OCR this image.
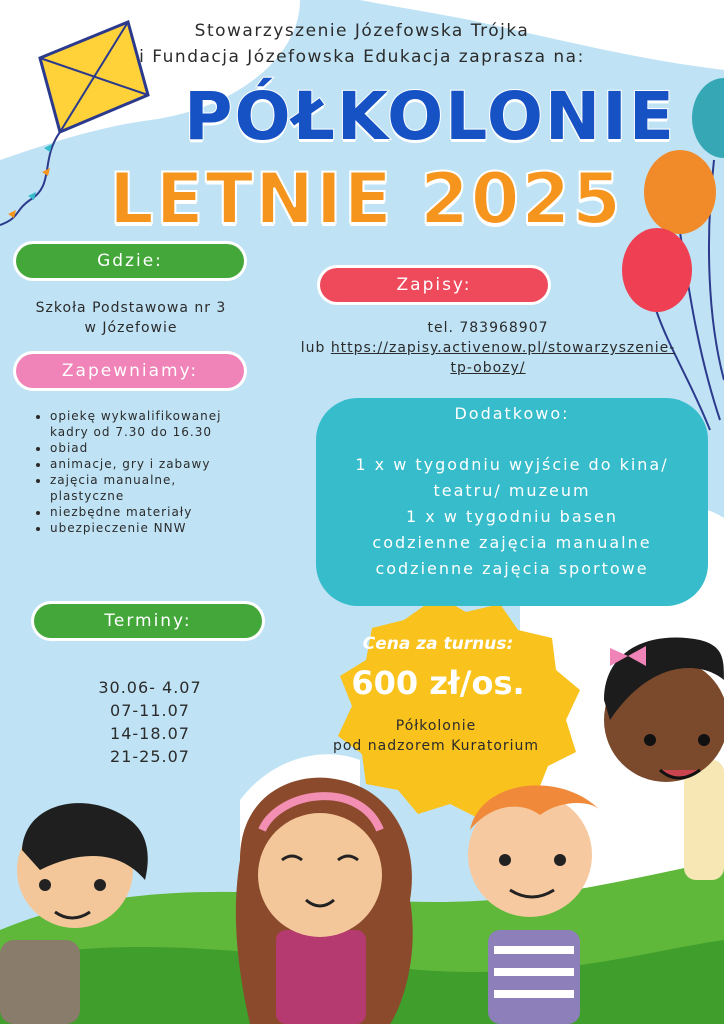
Stowarzyszenie Józefowska Trójka
i Fundacja Józefowska Edukacja zaprasza na:
PÓŁKOLONIE
LETNIE 2025
Gdzie:
Szkoła Podstawowa nr 3
w Józefowie
Zapisy:
tel. 783968907
lub https://zapisy.activenow.pl/stowarzyszenie-
tp-obozy/
Zapewniamy:
• opiekę wykwalifikowanej kadry od 7.30 do 16.30
• obiad
• animacje, gry i zabawy
• zajęcia manualne, plastyczne
• niezbędne materiały
• ubezpieczenie NNW
Dodatkowo:
1 x w tygodniu wyjście do kina/
teatru/ muzeum
1 x w tygodniu basen
codzienne zajęcia manualne
codzienne zajęcia sportowe
Terminy:
30.06- 4.07
07-11.07
14-18.07
21-25.07
Cena za turnus:
600 zł/os.
Półkolonie
pod nadzorem Kuratorium
